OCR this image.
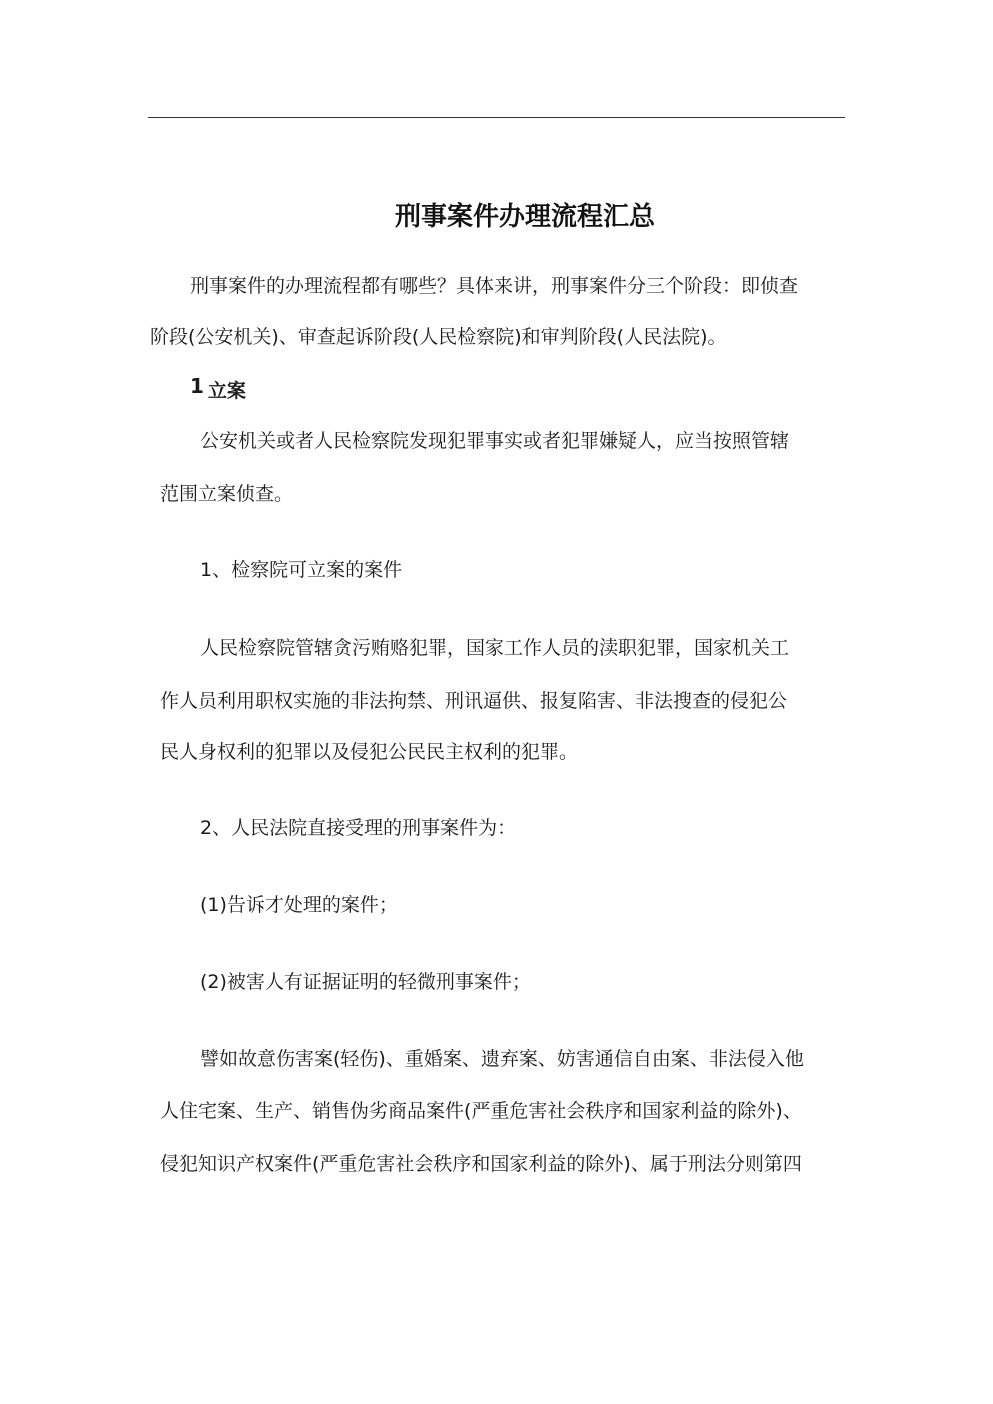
刑事案件办理流程汇总
刑事案件的办理流程都有哪些？具体来讲，刑事案件分三个阶段：即侦查
阶段(公安机关)、审查起诉阶段(人民检察院)和审判阶段(人民法院)。
1 立案
公安机关或者人民检察院发现犯罪事实或者犯罪嫌疑人，应当按照管辖
范围立案侦查。
1、检察院可立案的案件
人民检察院管辖贪污贿赂犯罪，国家工作人员的渎职犯罪，国家机关工
作人员利用职权实施的非法拘禁、刑讯逼供、报复陷害、非法搜查的侵犯公
民人身权利的犯罪以及侵犯公民民主权利的犯罪。
2、人民法院直接受理的刑事案件为：
(1)告诉才处理的案件；
(2)被害人有证据证明的轻微刑事案件；
譬如故意伤害案(轻伤)、重婚案、遗弃案、妨害通信自由案、非法侵入他
人住宅案、生产、销售伪劣商品案件(严重危害社会秩序和国家利益的除外)、
侵犯知识产权案件(严重危害社会秩序和国家利益的除外)、属于刑法分则第四
